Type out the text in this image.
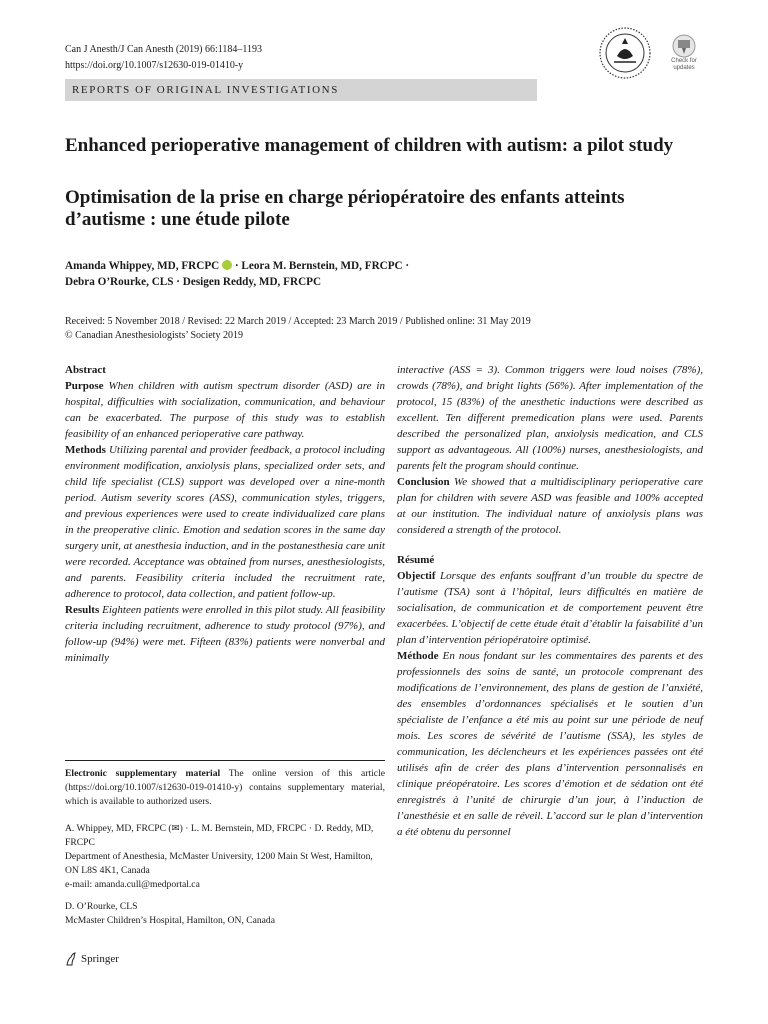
Can J Anesth/J Can Anesth (2019) 66:1184–1193
https://doi.org/10.1007/s12630-019-01410-y	Check for updates
REPORTS OF ORIGINAL INVESTIGATIONS
Enhanced perioperative management of children with autism: a pilot study
Optimisation de la prise en charge périopératoire des enfants atteints d’autisme : une étude pilote
Amanda Whippey, MD, FRCPC  · Leora M. Bernstein, MD, FRCPC ·
Debra O’Rourke, CLS · Desigen Reddy, MD, FRCPC
Received: 5 November 2018 / Revised: 22 March 2019 / Accepted: 23 March 2019 / Published online: 31 May 2019
© Canadian Anesthesiologists’ Society 2019
Abstract
Purpose When children with autism spectrum disorder (ASD) are in hospital, difficulties with socialization, communication, and behaviour can be exacerbated. The purpose of this study was to establish feasibility of an enhanced perioperative care pathway.
Methods Utilizing parental and provider feedback, a protocol including environment modification, anxiolysis plans, specialized order sets, and child life specialist (CLS) support was developed over a nine-month period. Autism severity scores (ASS), communication styles, triggers, and previous experiences were used to create individualized care plans in the preoperative clinic. Emotion and sedation scores in the same day surgery unit, at anesthesia induction, and in the postanesthesia care unit were recorded. Acceptance was obtained from nurses, anesthesiologists, and parents. Feasibility criteria included the recruitment rate, adherence to protocol, data collection, and patient follow-up.
Results Eighteen patients were enrolled in this pilot study. All feasibility criteria including recruitment, adherence to study protocol (97%), and follow-up (94%) were met. Fifteen (83%) patients were nonverbal and minimally
interactive (ASS = 3). Common triggers were loud noises (78%), crowds (78%), and bright lights (56%). After implementation of the protocol, 15 (83%) of the anesthetic inductions were described as excellent. Ten different premedication plans were used. Parents described the personalized plan, anxiolysis medication, and CLS support as advantageous. All (100%) nurses, anesthesiologists, and parents felt the program should continue.
Conclusion We showed that a multidisciplinary perioperative care plan for children with severe ASD was feasible and 100% accepted at our institution. The individual nature of anxiolysis plans was considered a strength of the protocol.
Résumé
Objectif Lorsque des enfants souffrant d’un trouble du spectre de l’autisme (TSA) sont à l’hôpital, leurs difficultés en matière de socialisation, de communication et de comportement peuvent être exacerbées. L’objectif de cette étude était d’établir la faisabilité d’un plan d’intervention périopératoire optimisé.
Méthode En nous fondant sur les commentaires des parents et des professionnels des soins de santé, un protocole comprenant des modifications de l’environnement, des plans de gestion de l’anxiété, des ensembles d’ordonnances spécialisés et le soutien d’un spécialiste de l’enfance a été mis au point sur une période de neuf mois. Les scores de sévérité de l’autisme (SSA), les styles de communication, les déclencheurs et les expériences passées ont été utilisés afin de créer des plans d’intervention personnalisés en clinique préopératoire. Les scores d’émotion et de sédation ont été enregistrés à l’unité de chirurgie d’un jour, à l’induction de l’anesthésie et en salle de réveil. L’accord sur le plan d’intervention a été obtenu du personnel
Electronic supplementary material The online version of this article (https://doi.org/10.1007/s12630-019-01410-y) contains supplementary material, which is available to authorized users.
A. Whippey, MD, FRCPC (✉) · L. M. Bernstein, MD, FRCPC · D. Reddy, MD, FRCPC
Department of Anesthesia, McMaster University, 1200 Main St West, Hamilton, ON L8S 4K1, Canada
e-mail: amanda.cull@medportal.ca
D. O’Rourke, CLS
McMaster Children’s Hospital, Hamilton, ON, Canada
Springer
